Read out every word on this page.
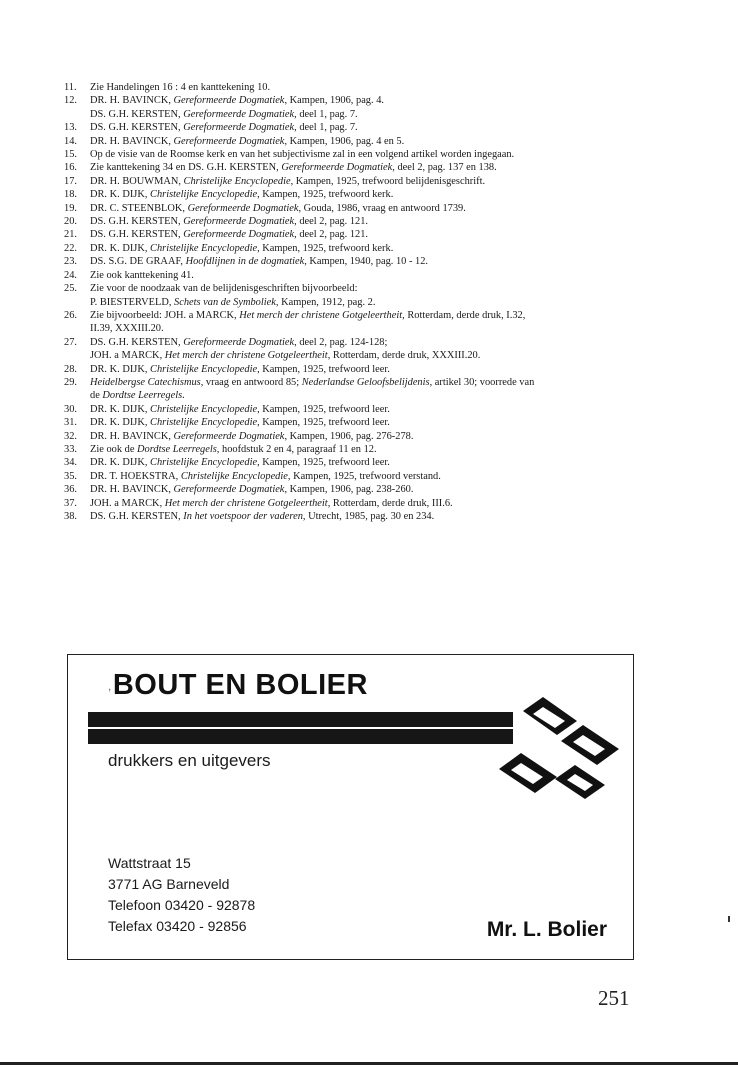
11.	Zie Handelingen 16 : 4 en kanttekening 10.
12.	DR. H. BAVINCK, Gereformeerde Dogmatiek, Kampen, 1906, pag. 4.
DS. G.H. KERSTEN, Gereformeerde Dogmatiek, deel 1, pag. 7.
13.	DS. G.H. KERSTEN, Gereformeerde Dogmatiek, deel 1, pag. 7.
14.	DR. H. BAVINCK, Gereformeerde Dogmatiek, Kampen, 1906, pag. 4 en 5.
15.	Op de visie van de Roomse kerk en van het subjectivisme zal in een volgend artikel worden ingegaan.
16.	Zie kanttekening 34 en DS. G.H. KERSTEN, Gereformeerde Dogmatiek, deel 2, pag. 137 en 138.
17.	DR. H. BOUWMAN, Christelijke Encyclopedie, Kampen, 1925, trefwoord belijdenisgeschrift.
18.	DR. K. DIJK, Christelijke Encyclopedie, Kampen, 1925, trefwoord kerk.
19.	DR. C. STEENBLOK, Gereformeerde Dogmatiek, Gouda, 1986, vraag en antwoord 1739.
20.	DS. G.H. KERSTEN, Gereformeerde Dogmatiek, deel 2, pag. 121.
21.	DS. G.H. KERSTEN, Gereformeerde Dogmatiek, deel 2, pag. 121.
22.	DR. K. DIJK, Christelijke Encyclopedie, Kampen, 1925, trefwoord kerk.
23.	DS. S.G. DE GRAAF, Hoofdlijnen in de dogmatiek, Kampen, 1940, pag. 10 - 12.
24.	Zie ook kanttekening 41.
25.	Zie voor de noodzaak van de belijdenisgeschriften bijvoorbeeld:
P. BIESTERVELD, Schets van de Symboliek, Kampen, 1912, pag. 2.
26.	Zie bijvoorbeeld: JOH. a MARCK, Het merch der christene Gotgeleertheit, Rotterdam, derde druk, I.32,
II.39, XXXIII.20.
27.	DS. G.H. KERSTEN, Gereformeerde Dogmatiek, deel 2, pag. 124-128;
JOH. a MARCK, Het merch der christene Gotgeleertheit, Rotterdam, derde druk, XXXIII.20.
28.	DR. K. DIJK, Christelijke Encyclopedie, Kampen, 1925, trefwoord leer.
29.	Heidelbergse Catechismus, vraag en antwoord 85; Nederlandse Geloofsbelijdenis, artikel 30; voorrede van
de Dordtse Leerregels.
30.	DR. K. DIJK, Christelijke Encyclopedie, Kampen, 1925, trefwoord leer.
31.	DR. K. DIJK, Christelijke Encyclopedie, Kampen, 1925, trefwoord leer.
32.	DR. H. BAVINCK, Gereformeerde Dogmatiek, Kampen, 1906, pag. 276-278.
33.	Zie ook de Dordtse Leerregels, hoofdstuk 2 en 4, paragraaf 11 en 12.
34.	DR. K. DIJK, Christelijke Encyclopedie, Kampen, 1925, trefwoord leer.
35.	DR. T. HOEKSTRA, Christelijke Encyclopedie, Kampen, 1925, trefwoord verstand.
36.	DR. H. BAVINCK, Gereformeerde Dogmatiek, Kampen, 1906, pag. 238-260.
37.	JOH. a MARCK, Het merch der christene Gotgeleertheit, Rotterdam, derde druk, III.6.
38.	DS. G.H. KERSTEN, In het voetspoor der vaderen, Utrecht, 1985, pag. 30 en 234.
,BOUT EN BOLIER
drukkers en uitgevers
Wattstraat 15
3771 AG Barneveld
Telefoon 03420 - 92878
Telefax 03420 - 92856	Mr. L. Bolier
251
